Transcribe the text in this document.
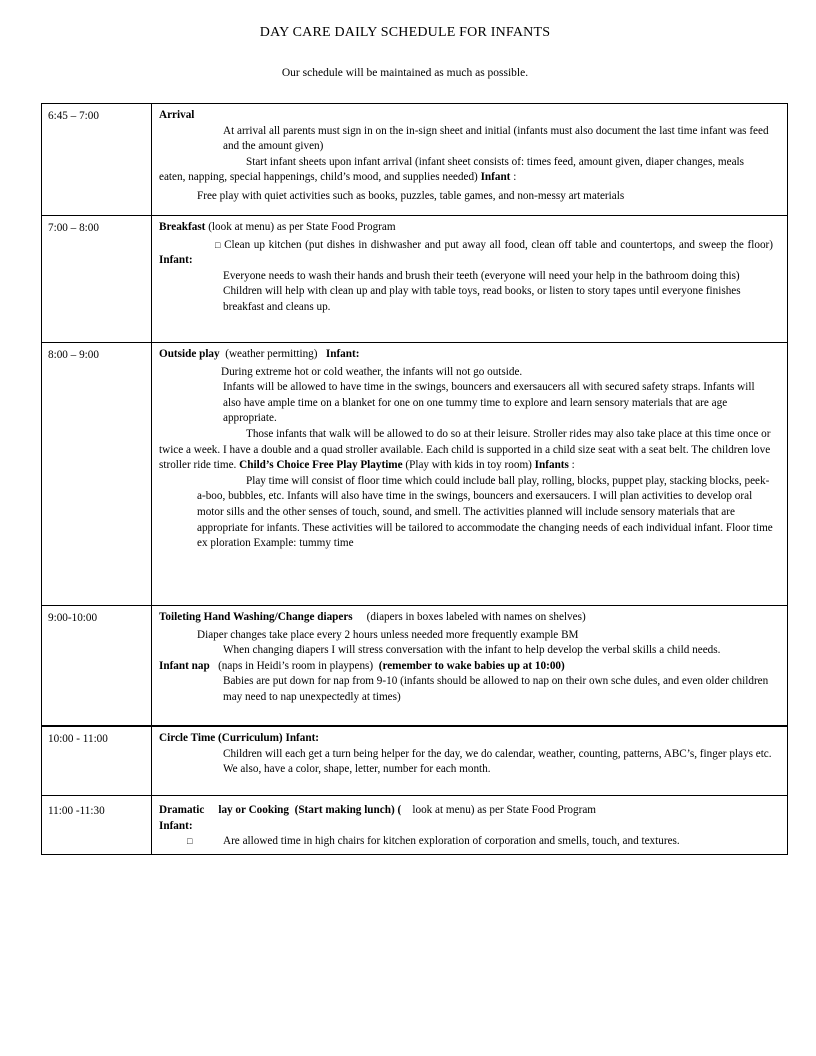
DAY CARE DAILY SCHEDULE FOR INFANTS
Our schedule will be maintained as much as possible.
6:45 – 7:00	Arrival

At arrival all parents must sign in on the in-sign sheet and initial (infants must also document the last time infant was feed and the amount given)

Start infant sheets upon infant arrival (infant sheet consists of: times feed, amount given, diaper changes, meals eaten, napping, special happenings, child’s mood, and supplies needed) Infant :

Free play with quiet activities such as books, puzzles, table games, and non-messy art materials

7:00 – 8:00	Breakfast (look at menu) as per State Food Program

□ Clean up kitchen (put dishes in dishwasher and put away all food, clean off table and countertops, and sweep the floor) Infant:

Everyone needs to wash their hands and brush their teeth (everyone will need your help in the bathroom doing this)

Children will help with clean up and play with table toys, read books, or listen to story tapes until everyone finishes breakfast and cleans up.

8:00 – 9:00	Outside play  (weather permitting)   Infant:

During extreme hot or cold weather, the infants will not go outside.

Infants will be allowed to have time in the swings, bouncers and exersaucers all with secured safety straps. Infants will also have ample time on a blanket for one on one tummy time to explore and learn sensory materials that are age appropriate.

Those infants that walk will be allowed to do so at their leisure. Stroller rides may also take place at this time once or twice a week. I have a double and a quad stroller available. Each child is supported in a child size seat with a seat belt. The children love stroller ride time. Child’s Choice Free Play Playtime (Play with kids in toy room) Infants :

Play time will consist of floor time which could include ball play, rolling, blocks, puppet play, stacking blocks, peek-a-boo, bubbles, etc. Infants will also have time in the swings, bouncers and exersaucers. I will plan activities to develop oral motor sills and the other senses of touch, sound, and smell. The activities planned will include sensory materials that are appropriate for infants. These activities will be tailored to accommodate the changing needs of each individual infant. Floor time ex ploration Example: tummy time

9:00-10:00	Toileting Hand Washing/Change diapers     (diapers in boxes labeled with names on shelves)

Diaper changes take place every 2 hours unless needed more frequently example BM

When changing diapers I will stress conversation with the infant to help develop the verbal skills a child needs.

Infant nap   (naps in Heidi’s room in playpens)  (remember to wake babies up at 10:00)

Babies are put down for nap from 9-10 (infants should be allowed to nap on their own sche dules, and even older children may need to nap unexpectedly at times)

10:00 - 11:00	Circle Time (Curriculum) Infant:

Children will each get a turn being helper for the day, we do calendar, weather, counting, patterns, ABC’s, finger plays etc. We also, have a color, shape, letter, number for each month.

11:00 -11:30	Dramatic     lay or Cooking  (Start making lunch) (    look at menu) as per State Food Program

Infant:

□ Are allowed time in high chairs for kitchen exploration of corporation and smells, touch, and textures.
